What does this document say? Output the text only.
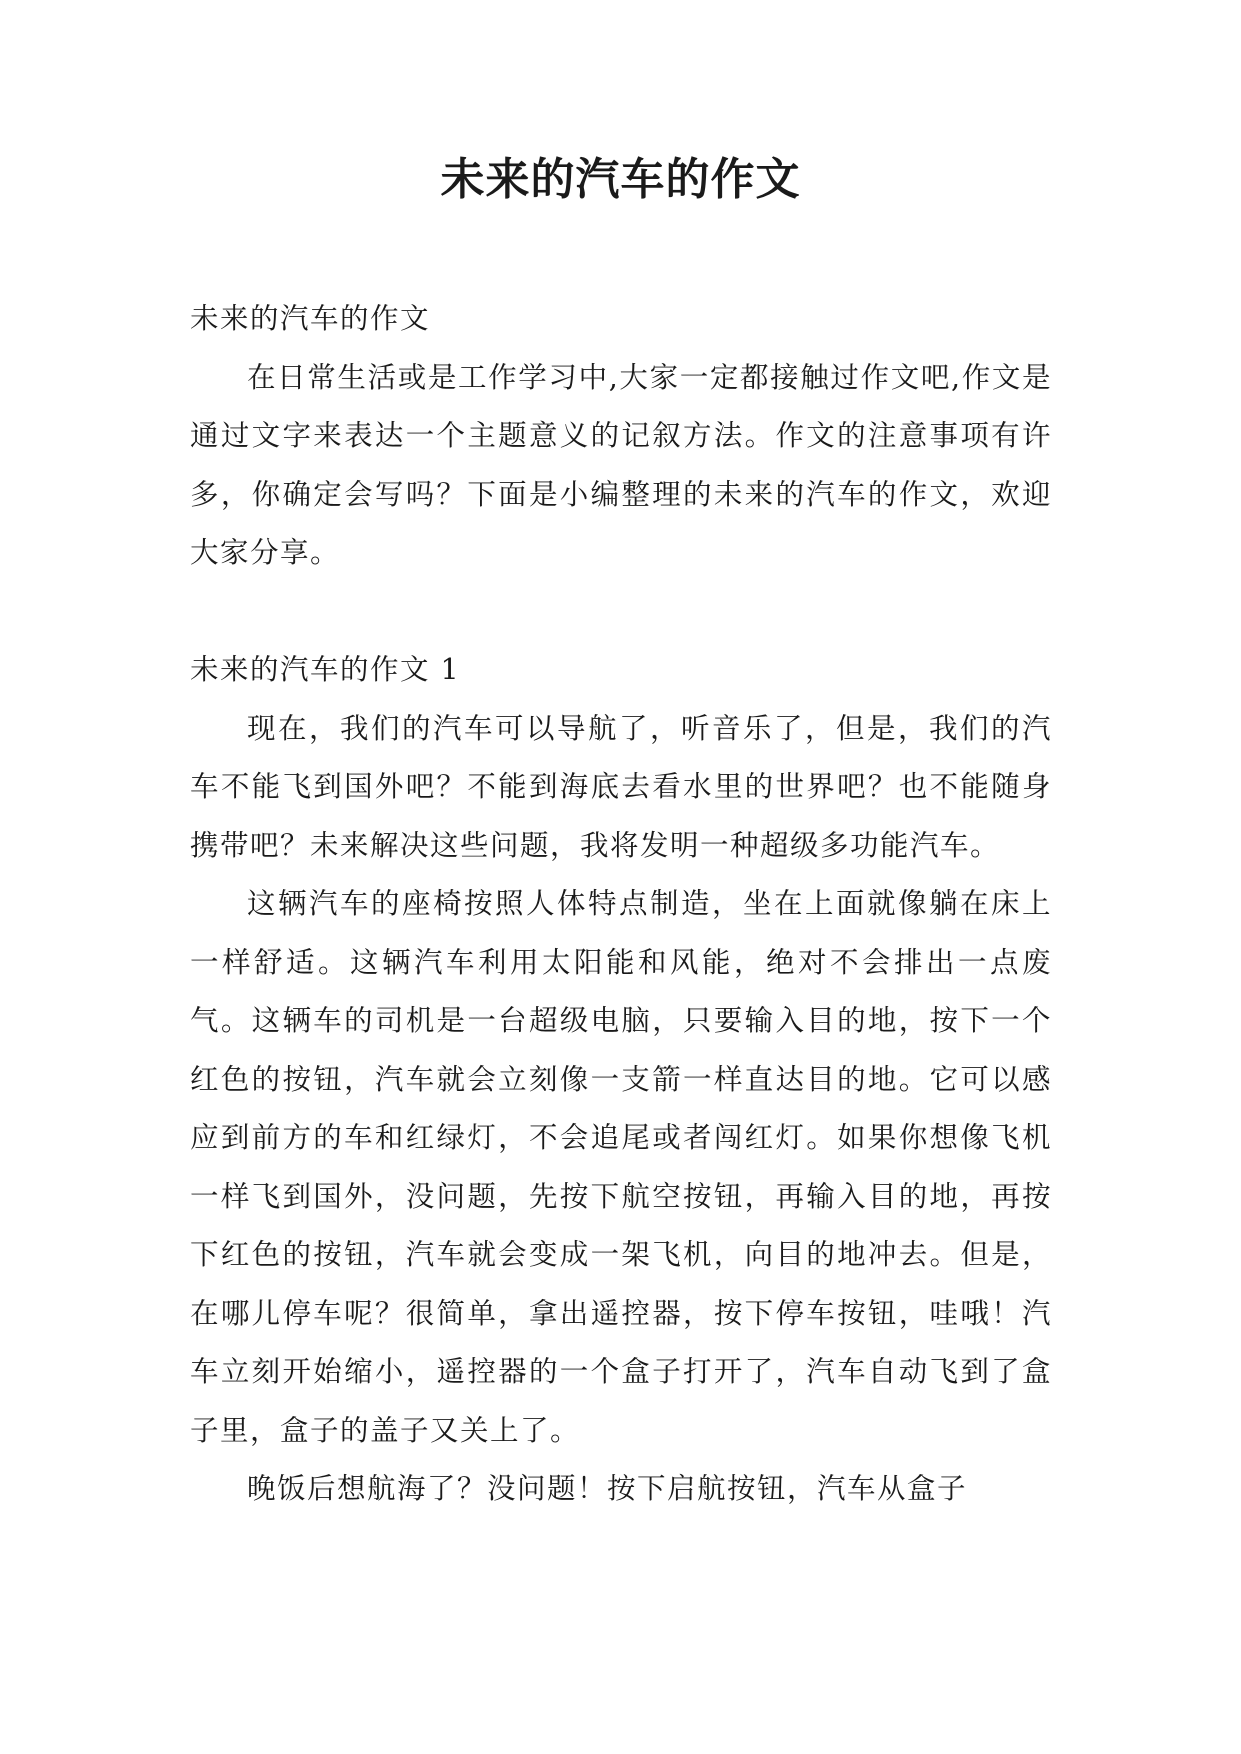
未来的汽车的作文

未来的汽车的作文

在日常生活或是工作学习中,大家一定都接触过作文吧,作文是通过文字来表达一个主题意义的记叙方法。作文的注意事项有许多，你确定会写吗？下面是小编整理的未来的汽车的作文，欢迎大家分享。

未来的汽车的作文 1

现在，我们的汽车可以导航了，听音乐了，但是，我们的汽车不能飞到国外吧？不能到海底去看水里的世界吧？也不能随身携带吧？未来解决这些问题，我将发明一种超级多功能汽车。

这辆汽车的座椅按照人体特点制造，坐在上面就像躺在床上一样舒适。这辆汽车利用太阳能和风能，绝对不会排出一点废气。这辆车的司机是一台超级电脑，只要输入目的地，按下一个红色的按钮，汽车就会立刻像一支箭一样直达目的地。它可以感应到前方的车和红绿灯，不会追尾或者闯红灯。如果你想像飞机一样飞到国外，没问题，先按下航空按钮，再输入目的地，再按下红色的按钮，汽车就会变成一架飞机，向目的地冲去。但是，在哪儿停车呢？很简单，拿出遥控器，按下停车按钮，哇哦！汽车立刻开始缩小，遥控器的一个盒子打开了，汽车自动飞到了盒子里，盒子的盖子又关上了。

晚饭后想航海了？没问题！按下启航按钮，汽车从盒子
